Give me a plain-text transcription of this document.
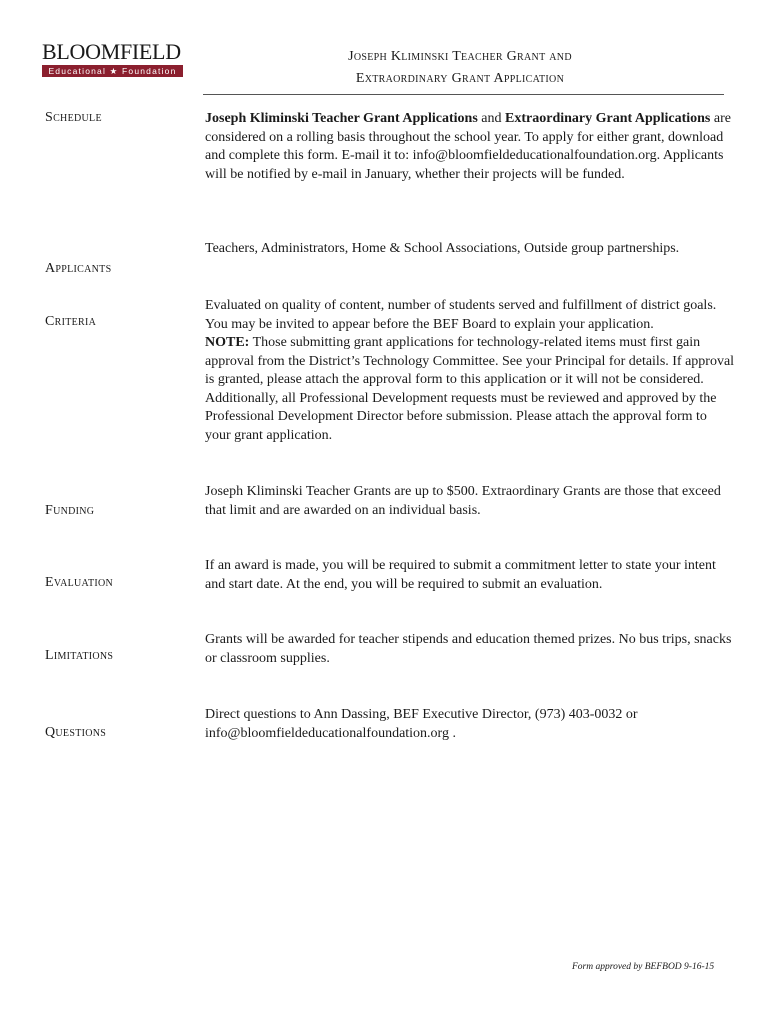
BLOOMFIELD
Educational ★ Foundation
Joseph Kliminski Teacher Grant and
Extraordinary Grant Application
Schedule	Joseph Kliminski Teacher Grant Applications and Extraordinary Grant Applications are considered on a rolling basis throughout the school year. To apply for either grant, download and complete this form. E-mail it to: info@bloomfieldeducationalfoundation.org. Applicants will be notified by e-mail in January, whether their projects will be funded.
Teachers, Administrators, Home & School Associations, Outside group partnerships.
Applicants
Evaluated on quality of content, number of students served and fulfillment of district goals. You may be invited to appear before the BEF Board to explain your application.
NOTE: Those submitting grant applications for technology-related items must first gain approval from the District’s Technology Committee. See your Principal for details. If approval is granted, please attach the approval form to this application or it will not be considered. Additionally, all Professional Development requests must be reviewed and approved by the Professional Development Director before submission. Please attach the approval form to your grant application.
Criteria
Joseph Kliminski Teacher Grants are up to $500. Extraordinary Grants are those that exceed that limit and are awarded on an individual basis.
Funding
If an award is made, you will be required to submit a commitment letter to state your intent and start date. At the end, you will be required to submit an evaluation.
Evaluation
Grants will be awarded for teacher stipends and education themed prizes. No bus trips, snacks or classroom supplies.
Limitations
Direct questions to Ann Dassing, BEF Executive Director, (973) 403-0032 or info@bloomfieldeducationalfoundation.org .
Questions
Form approved by BEFBOD 9-16-15
